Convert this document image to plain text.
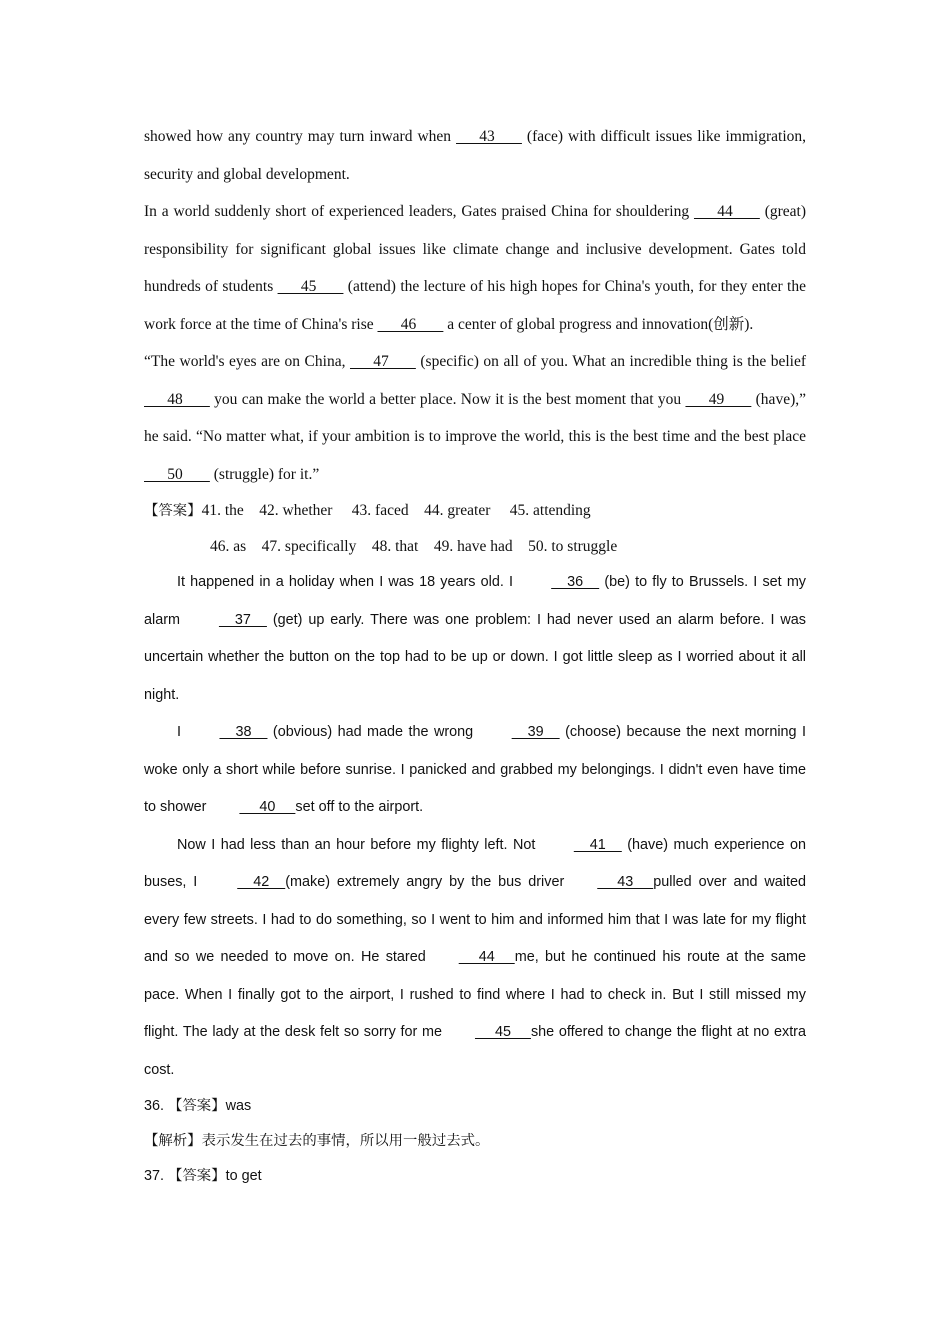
showed how any country may turn inward when       43        (face) with difficult issues like immigration, security and global development.

In a world suddenly short of experienced leaders, Gates praised China for shouldering       44        (great) responsibility for significant global issues like climate change and inclusive development. Gates told hundreds of students       45        (attend) the lecture of his high hopes for China's youth, for they enter the work force at the time of China's rise       46        a center of global progress and innovation(创新).

“The world's eyes are on China,       47        (specific) on all of you. What an incredible thing is the belief       48        you can make the world a better place. Now it is the best moment that you       49        (have),” he said. “No matter what, if your ambition is to improve the world, this is the best time and the best place       50        (struggle) for it.”

【答案】41. the    42. whether     43. faced    44. greater     45. attending

46. as    47. specifically    48. that    49. have had    50. to struggle

It happened in a holiday when I was 18 years old. I     36     (be) to fly to Brussels. I set my alarm     37     (get) up early. There was one problem: I had never used an alarm before. I was uncertain whether the button on the top had to be up or down. I got little sleep as I worried about it all night.

I     38     (obvious) had made the wrong     39     (choose) because the next morning I woke only a short while before sunrise. I panicked and grabbed my belongings. I didn't even have time to shower     40     set off to the airport.

Now I had less than an hour before my flighty left. Not     41     (have) much experience on buses, I     42    (make) extremely angry by the bus driver     43     pulled over and waited every few streets. I had to do something, so I went to him and informed him that I was late for my flight and so we needed to move on. He stared     44     me, but he continued his route at the same pace. When I finally got to the airport, I rushed to find where I had to check in. But I still missed my flight. The lady at the desk felt so sorry for me     45     she offered to change the flight at no extra cost.

36. 【答案】was

【解析】表示发生在过去的事情，所以用一般过去式。

37. 【答案】to get
